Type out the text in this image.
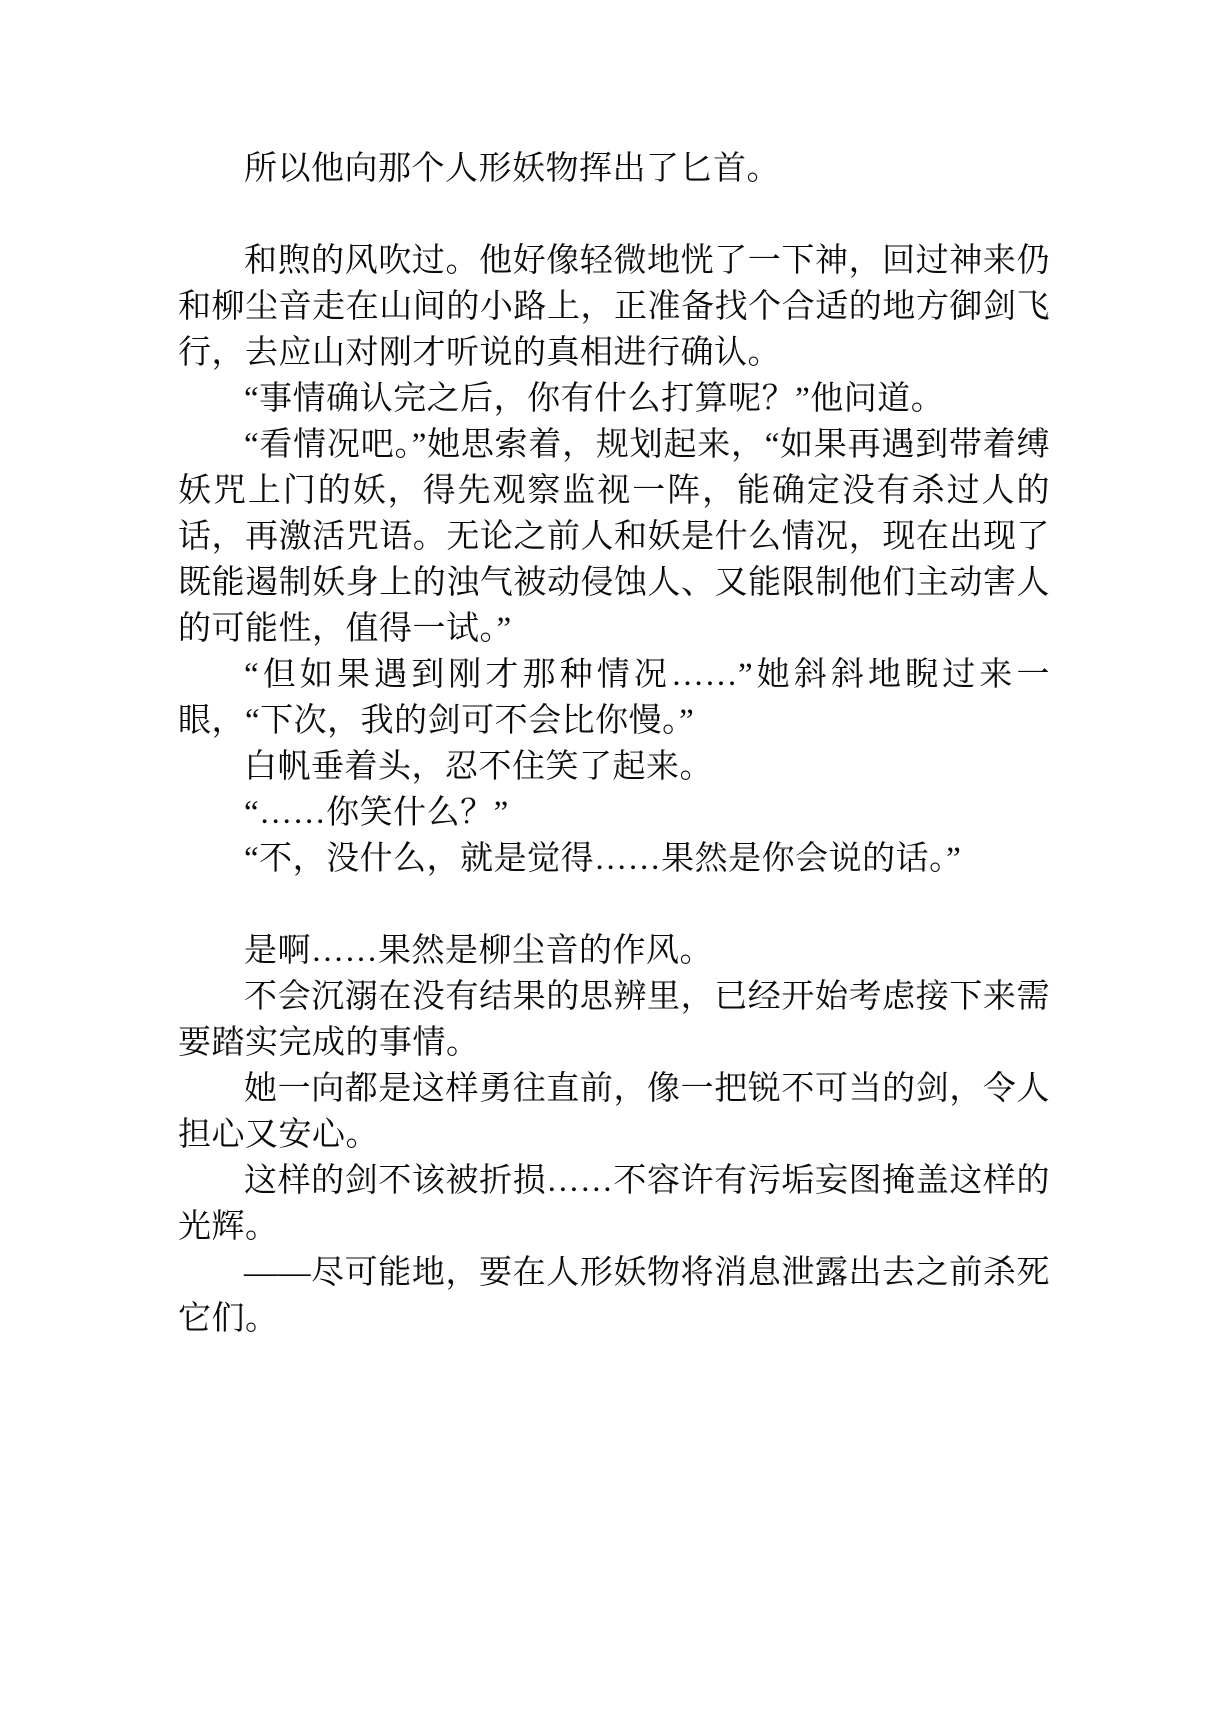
所以他向那个人形妖物挥出了匕首。

和煦的风吹过。他好像轻微地恍了一下神，回过神来仍和柳尘音走在山间的小路上，正准备找个合适的地方御剑飞行，去应山对刚才听说的真相进行确认。

“事情确认完之后，你有什么打算呢？”他问道。

“看情况吧。”她思索着，规划起来，“如果再遇到带着缚妖咒上门的妖，得先观察监视一阵，能确定没有杀过人的话，再激活咒语。无论之前人和妖是什么情况，现在出现了既能遏制妖身上的浊气被动侵蚀人、又能限制他们主动害人的可能性，值得一试。”

“但如果遇到刚才那种情况……”她斜斜地睨过来一眼，“下次，我的剑可不会比你慢。”

白帆垂着头，忍不住笑了起来。

“……你笑什么？”

“不，没什么，就是觉得……果然是你会说的话。”

是啊……果然是柳尘音的作风。

不会沉溺在没有结果的思辨里，已经开始考虑接下来需要踏实完成的事情。

她一向都是这样勇往直前，像一把锐不可当的剑，令人担心又安心。

这样的剑不该被折损……不容许有污垢妄图掩盖这样的光辉。

——尽可能地，要在人形妖物将消息泄露出去之前杀死它们。
